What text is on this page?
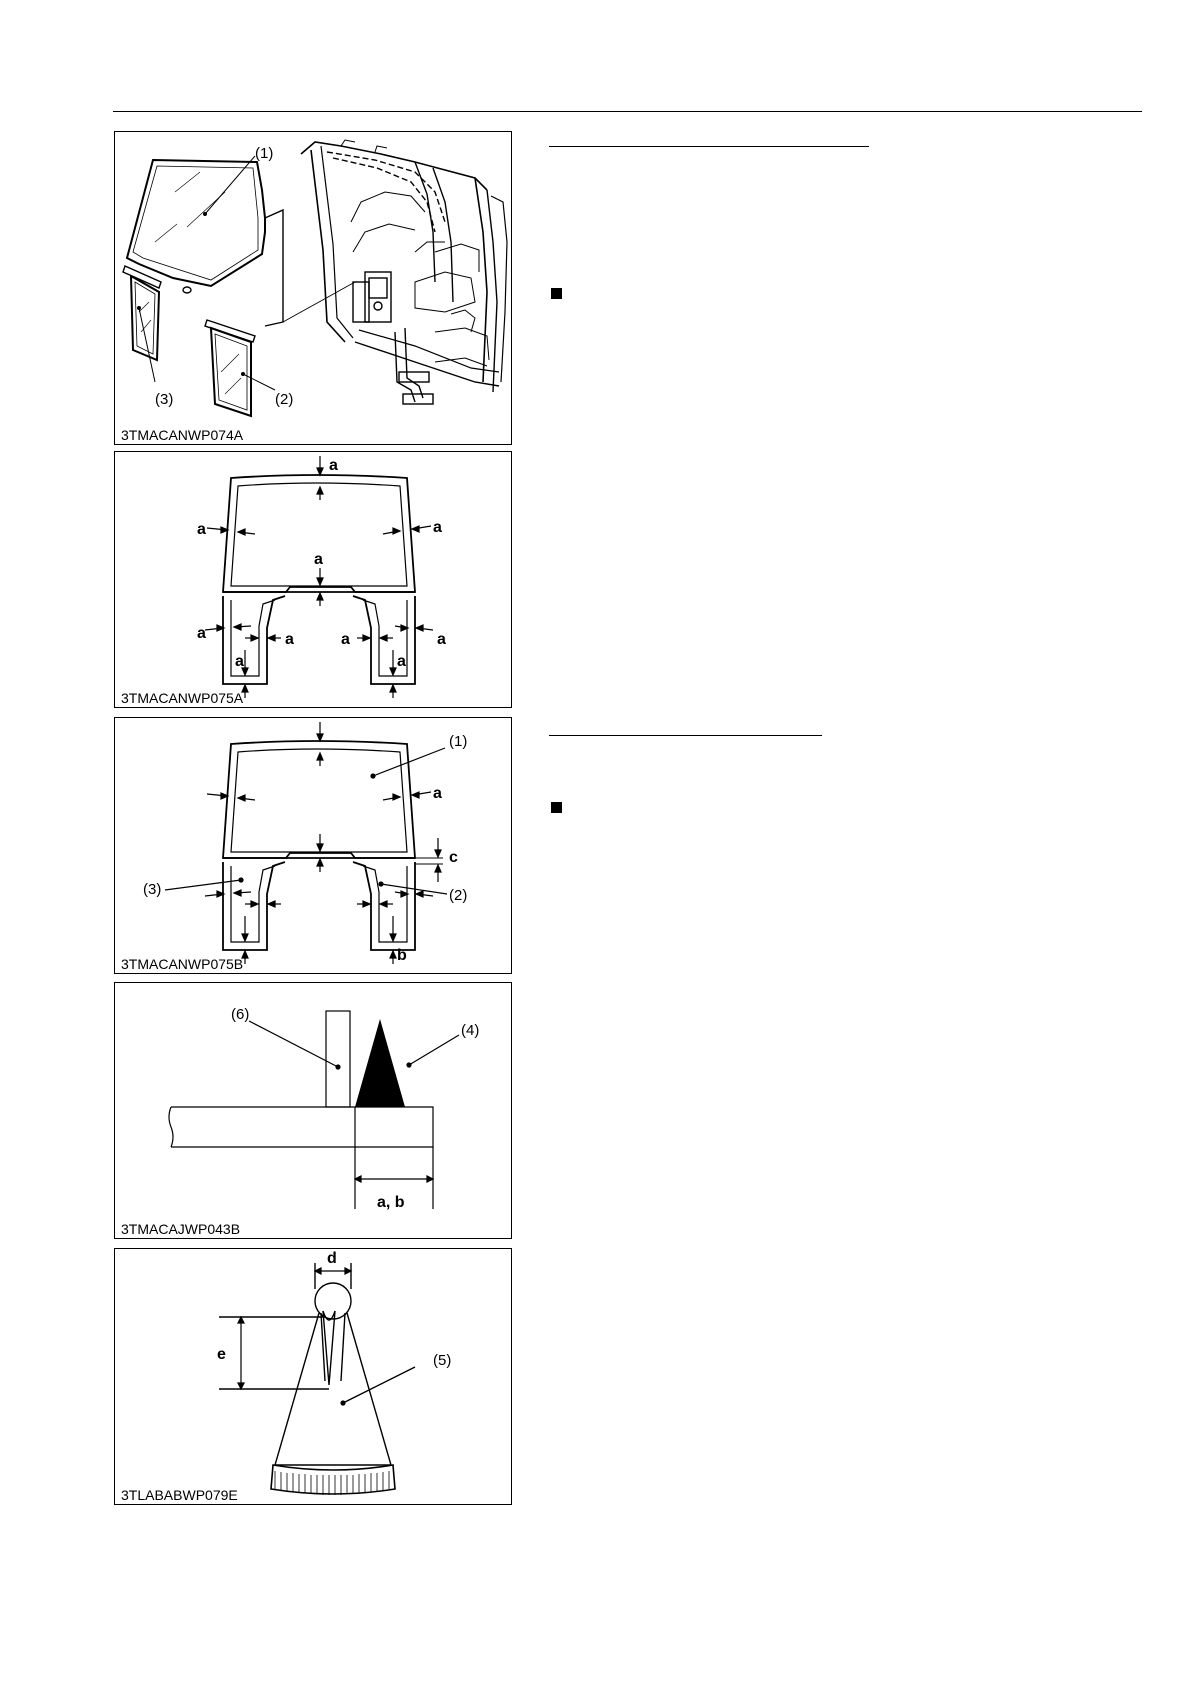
(1)
(2)
(3)
3TMACANWP074A
a
a	a
a
a	a	a	a
a	a
3TMACANWP075A
(1)
(2)
(3)
a
c
b
3TMACANWP075B
(6)
(4)
a, b
3TMACAJWP043B
d
e	(5)
3TLABABWP079E
